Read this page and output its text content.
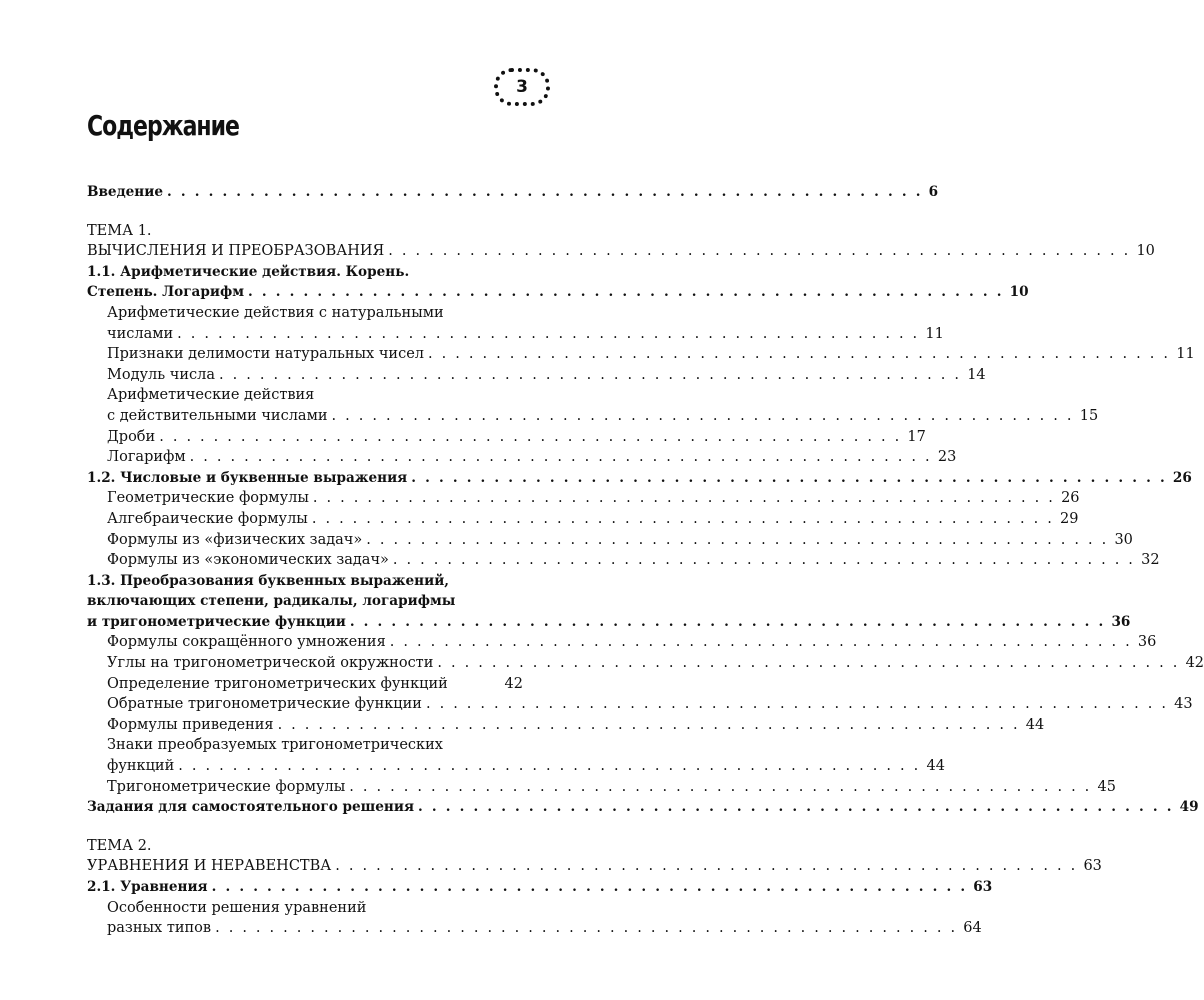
3
Содержание
Введение . . . . . . . . . . . . . . . . . . . . . . . . . . . . . . . . . . . . . . . . . . . . . . . . . . . . . . . 6
ТЕМА 1.
ВЫЧИСЛЕНИЯ И ПРЕОБРАЗОВАНИЯ . . . . . . . . . . . . . . . . . . . . . . . . . . . . . . . . . . . . . . . . . . . . . . . . . . . . . . . 10
1.1. Арифметические действия. Корень.
Степень. Логарифм . . . . . . . . . . . . . . . . . . . . . . . . . . . . . . . . . . . . . . . . . . . . . . . . . . . . . . . 10
Арифметические действия с натуральными
числами . . . . . . . . . . . . . . . . . . . . . . . . . . . . . . . . . . . . . . . . . . . . . . . . . . . . . . . 11
Признаки делимости натуральных чисел . . . . . . . . . . . . . . . . . . . . . . . . . . . . . . . . . . . . . . . . . . . . . . . . . . . . . . . 11
Модуль числа . . . . . . . . . . . . . . . . . . . . . . . . . . . . . . . . . . . . . . . . . . . . . . . . . . . . . . . 14
Арифметические действия
с действительными числами . . . . . . . . . . . . . . . . . . . . . . . . . . . . . . . . . . . . . . . . . . . . . . . . . . . . . . . 15
Дроби . . . . . . . . . . . . . . . . . . . . . . . . . . . . . . . . . . . . . . . . . . . . . . . . . . . . . . . 17
Логарифм . . . . . . . . . . . . . . . . . . . . . . . . . . . . . . . . . . . . . . . . . . . . . . . . . . . . . . . 23
1.2. Числовые и буквенные выражения . . . . . . . . . . . . . . . . . . . . . . . . . . . . . . . . . . . . . . . . . . . . . . . . . . . . . . . 26
Геометрические формулы . . . . . . . . . . . . . . . . . . . . . . . . . . . . . . . . . . . . . . . . . . . . . . . . . . . . . . . 26
Алгебраические формулы . . . . . . . . . . . . . . . . . . . . . . . . . . . . . . . . . . . . . . . . . . . . . . . . . . . . . . . 29
Формулы из «физических задач» . . . . . . . . . . . . . . . . . . . . . . . . . . . . . . . . . . . . . . . . . . . . . . . . . . . . . . . 30
Формулы из «экономических задач» . . . . . . . . . . . . . . . . . . . . . . . . . . . . . . . . . . . . . . . . . . . . . . . . . . . . . . . 32
1.3. Преобразования буквенных выражений,
включающих степени, радикалы, логарифмы
и тригонометрические функции . . . . . . . . . . . . . . . . . . . . . . . . . . . . . . . . . . . . . . . . . . . . . . . . . . . . . . . 36
Формулы сокращённого умножения . . . . . . . . . . . . . . . . . . . . . . . . . . . . . . . . . . . . . . . . . . . . . . . . . . . . . . . 36
Углы на тригонометрической окружности . . . . . . . . . . . . . . . . . . . . . . . . . . . . . . . . . . . . . . . . . . . . . . . . . . . . . . . 42
Определение тригонометрических функций	42
Обратные тригонометрические функции . . . . . . . . . . . . . . . . . . . . . . . . . . . . . . . . . . . . . . . . . . . . . . . . . . . . . . . 43
Формулы приведения . . . . . . . . . . . . . . . . . . . . . . . . . . . . . . . . . . . . . . . . . . . . . . . . . . . . . . . 44
Знаки преобразуемых тригонометрических
функций . . . . . . . . . . . . . . . . . . . . . . . . . . . . . . . . . . . . . . . . . . . . . . . . . . . . . . . 44
Тригонометрические формулы . . . . . . . . . . . . . . . . . . . . . . . . . . . . . . . . . . . . . . . . . . . . . . . . . . . . . . . 45
Задания для самостоятельного решения . . . . . . . . . . . . . . . . . . . . . . . . . . . . . . . . . . . . . . . . . . . . . . . . . . . . . . . 49
ТЕМА 2.
УРАВНЕНИЯ И НЕРАВЕНСТВА . . . . . . . . . . . . . . . . . . . . . . . . . . . . . . . . . . . . . . . . . . . . . . . . . . . . . . . 63
2.1. Уравнения . . . . . . . . . . . . . . . . . . . . . . . . . . . . . . . . . . . . . . . . . . . . . . . . . . . . . . . 63
Особенности решения уравнений
разных типов . . . . . . . . . . . . . . . . . . . . . . . . . . . . . . . . . . . . . . . . . . . . . . . . . . . . . . . 64
